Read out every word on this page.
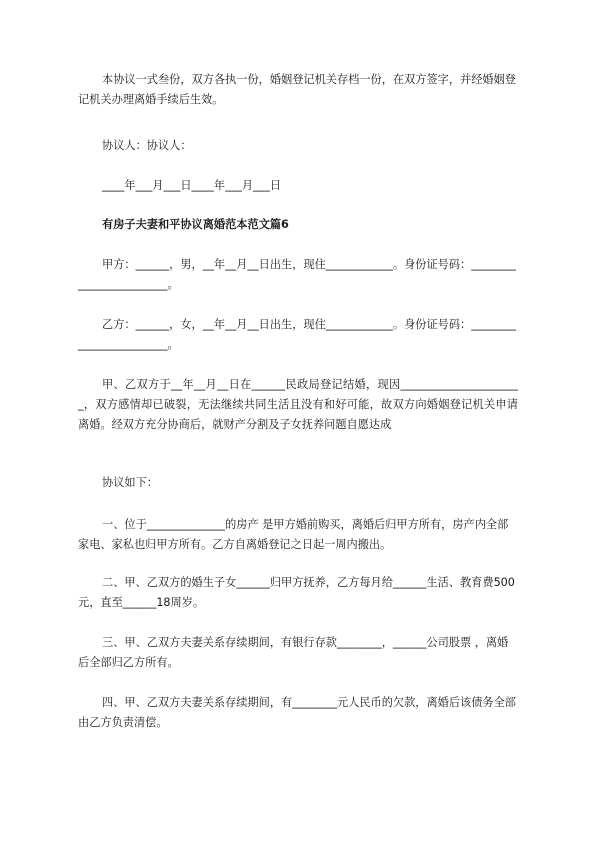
本协议一式叁份，双方各执一份，婚姻登记机关存档一份，在双方签字，并经婚姻登记机关办理离婚手续后生效。

协议人：协议人：

____年___月___日____年___月___日

有房子夫妻和平协议离婚范本范文篇6

甲方：______，男，__年__月__日出生，现住____________。身份证号码：________________________。

乙方：______，女，__年__月__日出生，现住____________。身份证号码：________________________。

甲、乙双方于__年__月__日在______民政局登记结婚，现因______________________，双方感情却已破裂，无法继续共同生活且没有和好可能，故双方向婚姻登记机关申请离婚。经双方充分协商后，就财产分割及子女抚养问题自愿达成

协议如下：

一、位于______________的房产 是甲方婚前购买，离婚后归甲方所有，房产内全部家电、家私也归甲方所有。乙方自离婚登记之日起一周内搬出。

二、甲、乙双方的婚生子女______归甲方抚养，乙方每月给______生活、教育费500元，直至______18周岁。

三、甲、乙双方夫妻关系存续期间，有银行存款________，______公司股票 ，离婚后全部归乙方所有。

四、甲、乙双方夫妻关系存续期间，有________元人民币的欠款，离婚后该债务全部由乙方负责清偿。
